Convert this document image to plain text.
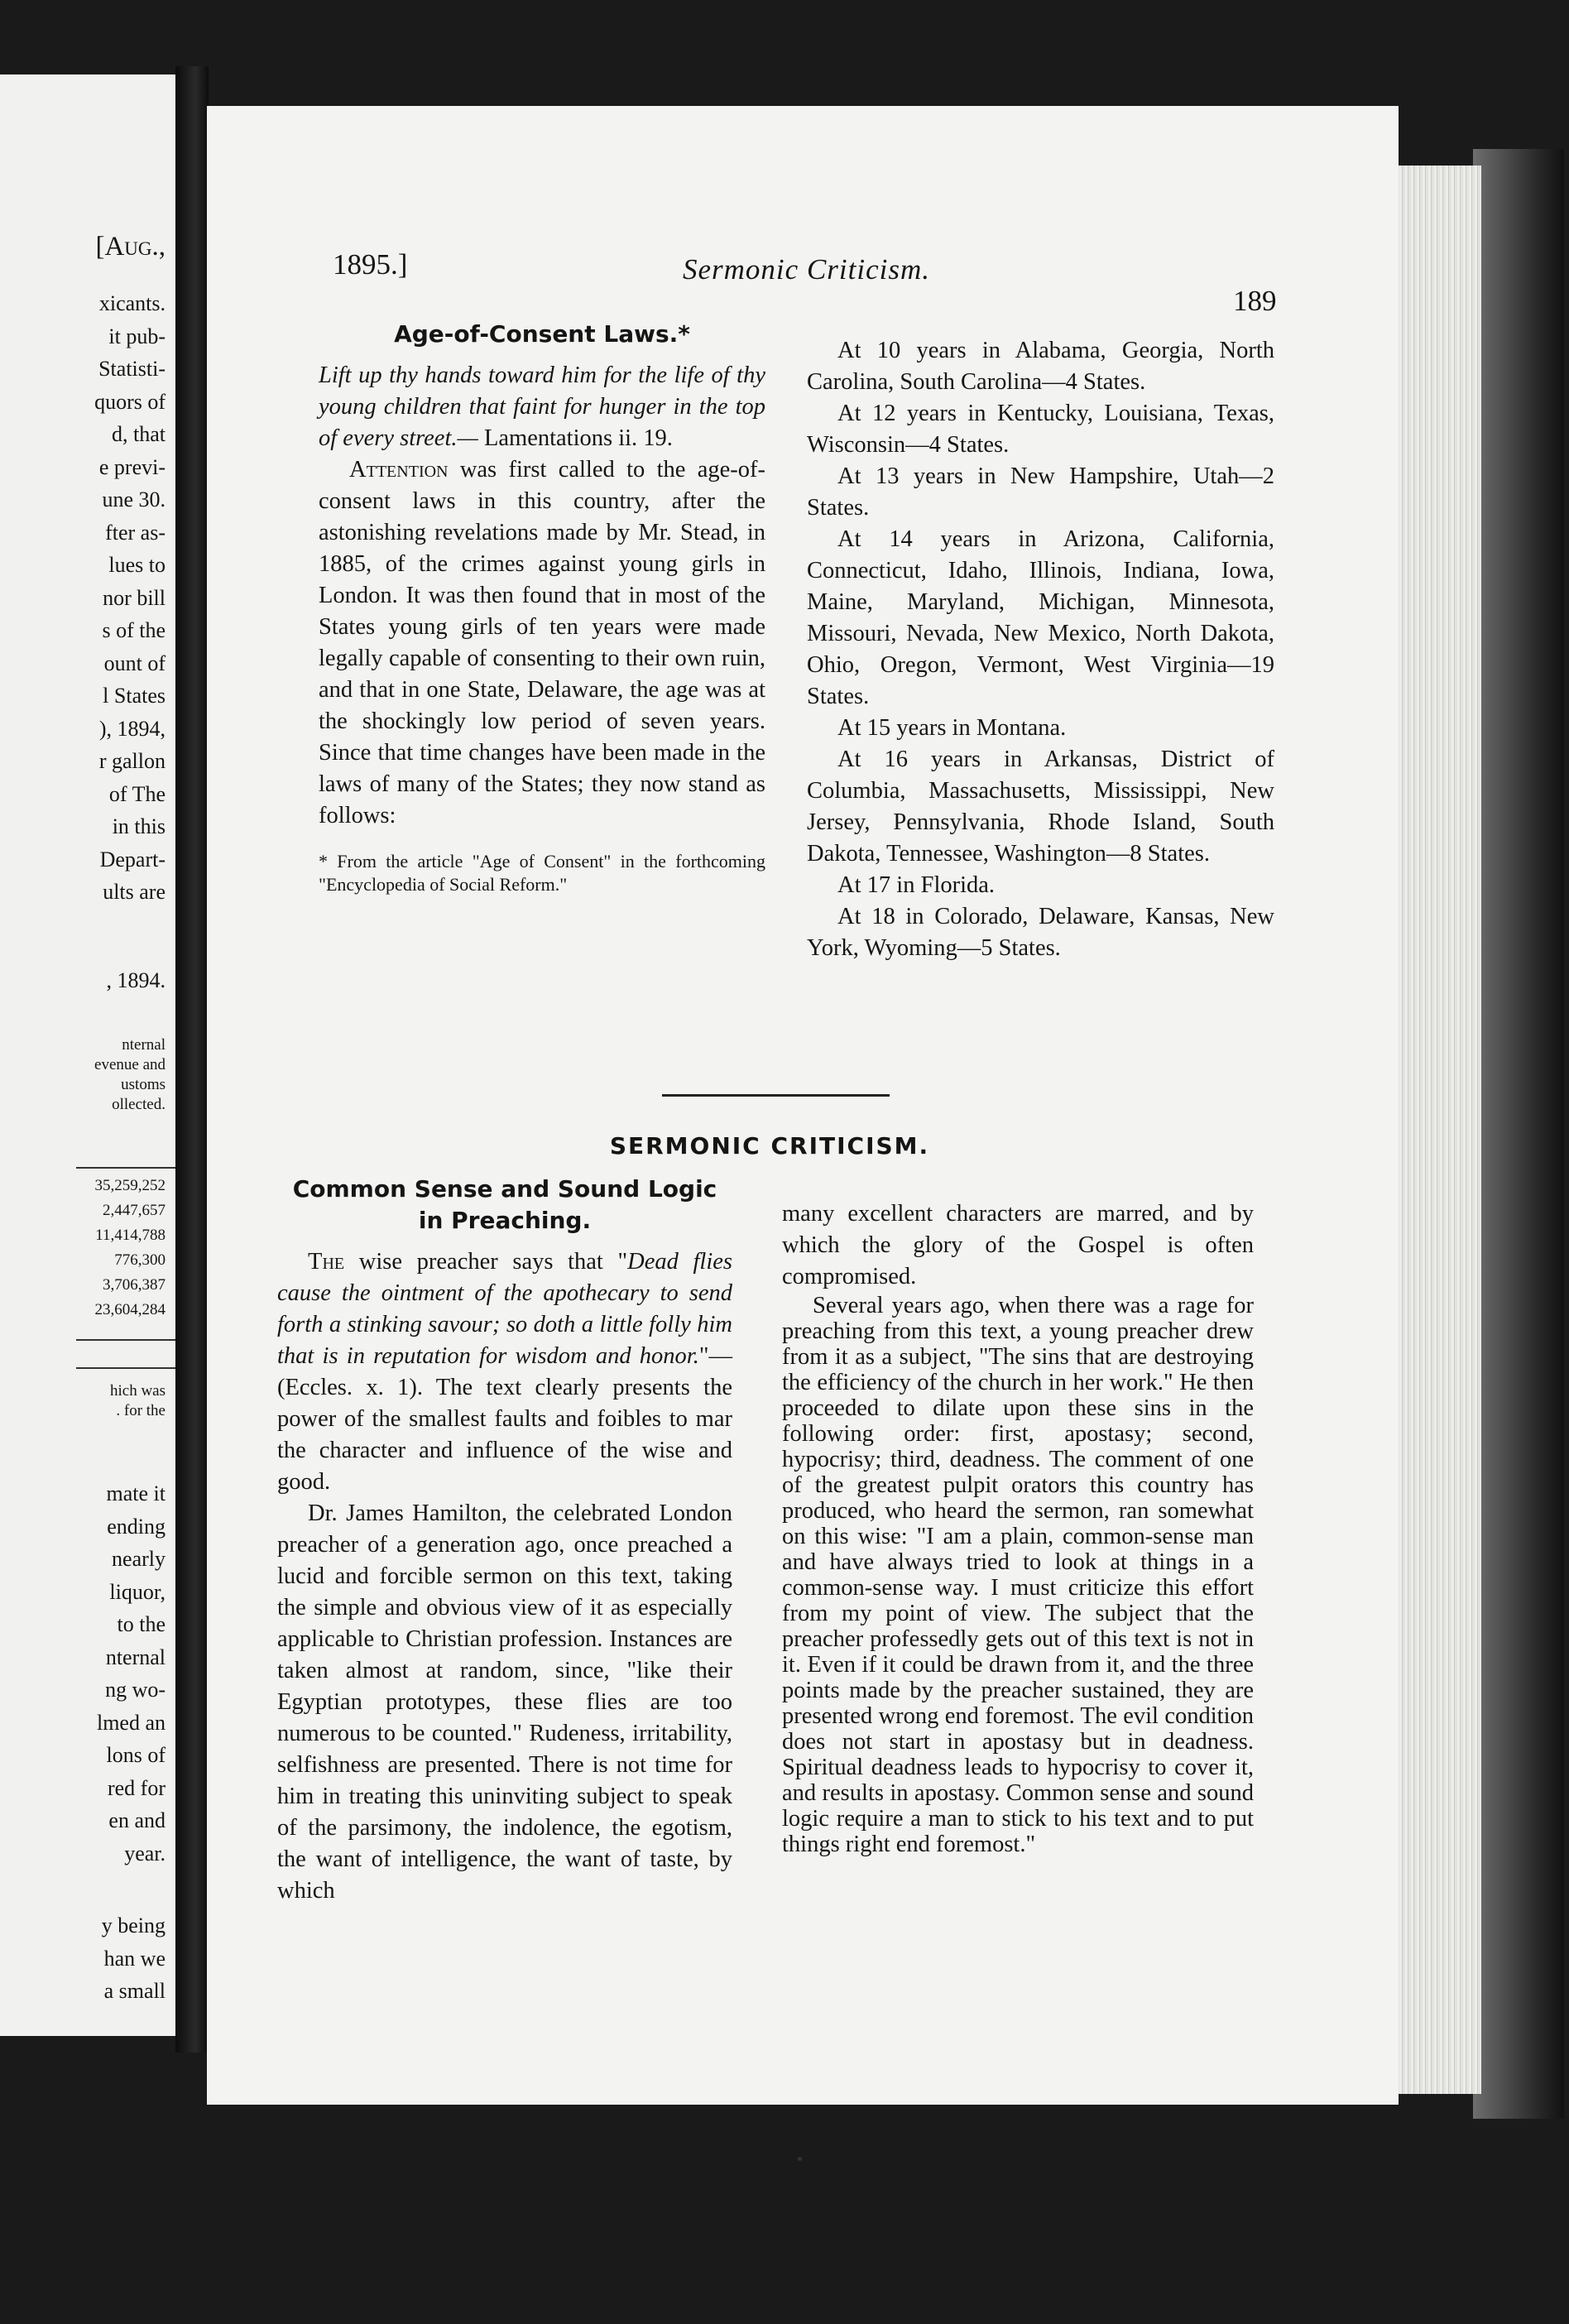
[Aug.,
xicants.
it pub-
Statisti-
quors of
d, that
e previ-
une 30.
fter as-
lues to
nor bill
s of the
ount of
l States
), 1894,
r gallon
of The
in this
Depart-
ults are
, 1894.
nternal
evenue and
ustoms
ollected.
35,259,252
2,447,657
11,414,788
776,300
3,706,387
23,604,284
hich was
. for the
mate it
ending
nearly
liquor,
to the
nternal
ng wo-
lmed an
lons of
red for
en and
year.
y being
han we
a small
1895.]	Sermonic Criticism.
189
Age-of-Consent Laws.*

Lift up thy hands toward him for the life of thy young children that faint for hunger in the top of every street.— Lamentations ii. 19.

Attention was first called to the age-of-consent laws in this country, after the astonishing revelations made by Mr. Stead, in 1885, of the crimes against young girls in London. It was then found that in most of the States young girls of ten years were made legally capable of consenting to their own ruin, and that in one State, Delaware, the age was at the shockingly low period of seven years. Since that time changes have been made in the laws of many of the States; they now stand as follows:

* From the article "Age of Consent" in the forthcoming "Encyclopedia of Social Reform."

At 10 years in Alabama, Georgia, North Carolina, South Carolina—4 States.

At 12 years in Kentucky, Louisiana, Texas, Wisconsin—4 States.

At 13 years in New Hampshire, Utah—2 States.

At 14 years in Arizona, California, Connecticut, Idaho, Illinois, Indiana, Iowa, Maine, Maryland, Michigan, Minnesota, Missouri, Nevada, New Mexico, North Dakota, Ohio, Oregon, Vermont, West Virginia—19 States.

At 15 years in Montana.

At 16 years in Arkansas, District of Columbia, Massachusetts, Mississippi, New Jersey, Pennsylvania, Rhode Island, South Dakota, Tennessee, Washington—8 States.

At 17 in Florida.

At 18 in Colorado, Delaware, Kansas, New York, Wyoming—5 States.

SERMONIC CRITICISM.
Common Sense and Sound Logic in Preaching.

The wise preacher says that "Dead flies cause the ointment of the apothecary to send forth a stinking savour; so doth a little folly him that is in reputation for wisdom and honor."—(Eccles. x. 1). The text clearly presents the power of the smallest faults and foibles to mar the character and influence of the wise and good.

Dr. James Hamilton, the celebrated London preacher of a generation ago, once preached a lucid and forcible sermon on this text, taking the simple and obvious view of it as especially applicable to Christian profession. Instances are taken almost at random, since, "like their Egyptian prototypes, these flies are too numerous to be counted." Rudeness, irritability, selfishness are presented. There is not time for him in treating this uninviting subject to speak of the parsimony, the indolence, the egotism, the want of intelligence, the want of taste, by which

many excellent characters are marred, and by which the glory of the Gospel is often compromised.

Several years ago, when there was a rage for preaching from this text, a young preacher drew from it as a subject, "The sins that are destroying the efficiency of the church in her work." He then proceeded to dilate upon these sins in the following order: first, apostasy; second, hypocrisy; third, deadness. The comment of one of the greatest pulpit orators this country has produced, who heard the sermon, ran somewhat on this wise: "I am a plain, common-sense man and have always tried to look at things in a common-sense way. I must criticize this effort from my point of view. The subject that the preacher professedly gets out of this text is not in it. Even if it could be drawn from it, and the three points made by the preacher sustained, they are presented wrong end foremost. The evil condition does not start in apostasy but in deadness. Spiritual deadness leads to hypocrisy to cover it, and results in apostasy. Common sense and sound logic require a man to stick to his text and to put things right end foremost."
